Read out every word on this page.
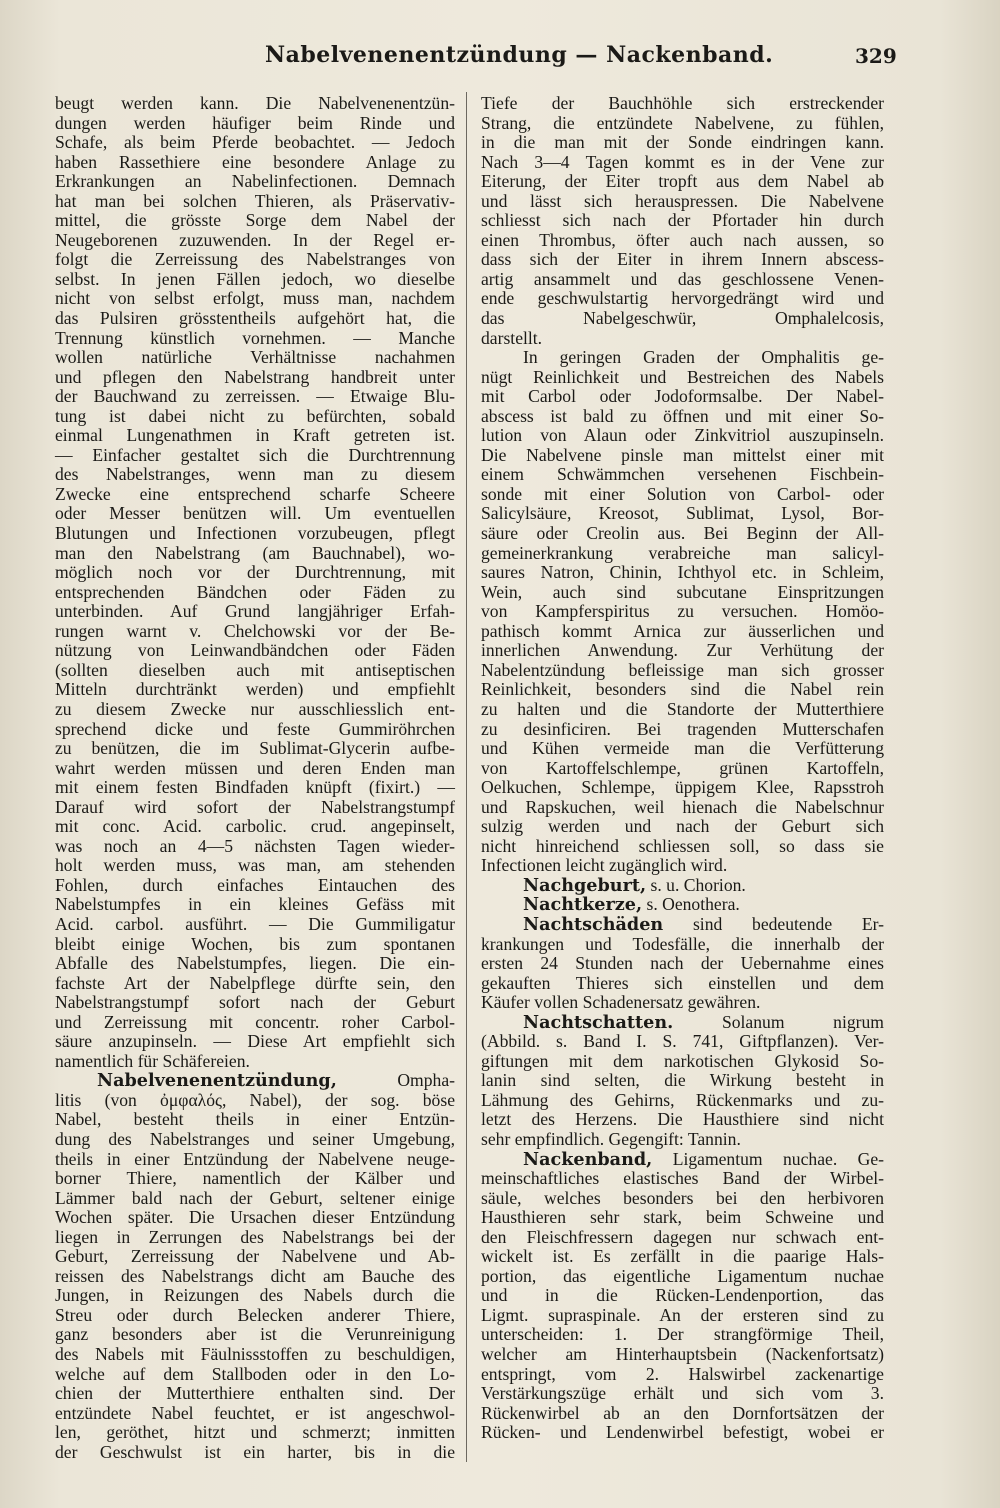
Nabelvenenentzündung — Nackenband.	329
beugt werden kann. Die Nabelvenenentzün-
dungen werden häufiger beim Rinde und
Schafe, als beim Pferde beobachtet. — Jedoch
haben Rassethiere eine besondere Anlage zu
Erkrankungen an Nabelinfectionen. Demnach
hat man bei solchen Thieren, als Präservativ-
mittel, die grösste Sorge dem Nabel der
Neugeborenen zuzuwenden. In der Regel er-
folgt die Zerreissung des Nabelstranges von
selbst. In jenen Fällen jedoch, wo dieselbe
nicht von selbst erfolgt, muss man, nachdem
das Pulsiren grösstentheils aufgehört hat, die
Trennung künstlich vornehmen. — Manche
wollen natürliche Verhältnisse nachahmen
und pflegen den Nabelstrang handbreit unter
der Bauchwand zu zerreissen. — Etwaige Blu-
tung ist dabei nicht zu befürchten, sobald
einmal Lungenathmen in Kraft getreten ist.
— Einfacher gestaltet sich die Durchtrennung
des Nabelstranges, wenn man zu diesem
Zwecke eine entsprechend scharfe Scheere
oder Messer benützen will. Um eventuellen
Blutungen und Infectionen vorzubeugen, pflegt
man den Nabelstrang (am Bauchnabel), wo-
möglich noch vor der Durchtrennung, mit
entsprechenden Bändchen oder Fäden zu
unterbinden. Auf Grund langjähriger Erfah-
rungen warnt v. Chelchowski vor der Be-
nützung von Leinwandbändchen oder Fäden
(sollten dieselben auch mit antiseptischen
Mitteln durchtränkt werden) und empfiehlt
zu diesem Zwecke nur ausschliesslich ent-
sprechend dicke und feste Gummiröhrchen
zu benützen, die im Sublimat-Glycerin aufbe-
wahrt werden müssen und deren Enden man
mit einem festen Bindfaden knüpft (fixirt.) —
Darauf wird sofort der Nabelstrangstumpf
mit conc. Acid. carbolic. crud. angepinselt,
was noch an 4—5 nächsten Tagen wieder-
holt werden muss, was man, am stehenden
Fohlen, durch einfaches Eintauchen des
Nabelstumpfes in ein kleines Gefäss mit
Acid. carbol. ausführt. — Die Gummiligatur
bleibt einige Wochen, bis zum spontanen
Abfalle des Nabelstumpfes, liegen. Die ein-
fachste Art der Nabelpflege dürfte sein, den
Nabelstrangstumpf sofort nach der Geburt
und Zerreissung mit concentr. roher Carbol-
säure anzupinseln. — Diese Art empfiehlt sich
namentlich für Schäfereien.
Nabelvenenentzündung, Ompha-
litis (von ὀμφαλός, Nabel), der sog. böse
Nabel, besteht theils in einer Entzün-
dung des Nabelstranges und seiner Umgebung,
theils in einer Entzündung der Nabelvene neuge-
borner Thiere, namentlich der Kälber und
Lämmer bald nach der Geburt, seltener einige
Wochen später. Die Ursachen dieser Entzündung
liegen in Zerrungen des Nabelstrangs bei der
Geburt, Zerreissung der Nabelvene und Ab-
reissen des Nabelstrangs dicht am Bauche des
Jungen, in Reizungen des Nabels durch die
Streu oder durch Belecken anderer Thiere,
ganz besonders aber ist die Verunreinigung
des Nabels mit Fäulnissstoffen zu beschuldigen,
welche auf dem Stallboden oder in den Lo-
chien der Mutterthiere enthalten sind. Der
entzündete Nabel feuchtet, er ist angeschwol-
len, geröthet, hitzt und schmerzt; inmitten
der Geschwulst ist ein harter, bis in die
Tiefe der Bauchhöhle sich erstreckender
Strang, die entzündete Nabelvene, zu fühlen,
in die man mit der Sonde eindringen kann.
Nach 3—4 Tagen kommt es in der Vene zur
Eiterung, der Eiter tropft aus dem Nabel ab
und lässt sich herauspressen. Die Nabelvene
schliesst sich nach der Pfortader hin durch
einen Thrombus, öfter auch nach aussen, so
dass sich der Eiter in ihrem Innern abscess-
artig ansammelt und das geschlossene Venen-
ende geschwulstartig hervorgedrängt wird und
das Nabelgeschwür, Omphalelcosis,
darstellt.
In geringen Graden der Omphalitis ge-
nügt Reinlichkeit und Bestreichen des Nabels
mit Carbol oder Jodoformsalbe. Der Nabel-
abscess ist bald zu öffnen und mit einer So-
lution von Alaun oder Zinkvitriol auszupinseln.
Die Nabelvene pinsle man mittelst einer mit
einem Schwämmchen versehenen Fischbein-
sonde mit einer Solution von Carbol- oder
Salicylsäure, Kreosot, Sublimat, Lysol, Bor-
säure oder Creolin aus. Bei Beginn der All-
gemeinerkrankung verabreiche man salicyl-
saures Natron, Chinin, Ichthyol etc. in Schleim,
Wein, auch sind subcutane Einspritzungen
von Kampferspiritus zu versuchen. Homöo-
pathisch kommt Arnica zur äusserlichen und
innerlichen Anwendung. Zur Verhütung der
Nabelentzündung befleissige man sich grosser
Reinlichkeit, besonders sind die Nabel rein
zu halten und die Standorte der Mutterthiere
zu desinficiren. Bei tragenden Mutterschafen
und Kühen vermeide man die Verfütterung
von Kartoffelschlempe, grünen Kartoffeln,
Oelkuchen, Schlempe, üppigem Klee, Rapsstroh
und Rapskuchen, weil hienach die Nabelschnur
sulzig werden und nach der Geburt sich
nicht hinreichend schliessen soll, so dass sie
Infectionen leicht zugänglich wird.
Nachgeburt, s. u. Chorion.
Nachtkerze, s. Oenothera.
Nachtschäden sind bedeutende Er-
krankungen und Todesfälle, die innerhalb der
ersten 24 Stunden nach der Uebernahme eines
gekauften Thieres sich einstellen und dem
Käufer vollen Schadenersatz gewähren.
Nachtschatten. Solanum nigrum
(Abbild. s. Band I. S. 741, Giftpflanzen). Ver-
giftungen mit dem narkotischen Glykosid So-
lanin sind selten, die Wirkung besteht in
Lähmung des Gehirns, Rückenmarks und zu-
letzt des Herzens. Die Hausthiere sind nicht
sehr empfindlich. Gegengift: Tannin.
Nackenband, Ligamentum nuchae. Ge-
meinschaftliches elastisches Band der Wirbel-
säule, welches besonders bei den herbivoren
Hausthieren sehr stark, beim Schweine und
den Fleischfressern dagegen nur schwach ent-
wickelt ist. Es zerfällt in die paarige Hals-
portion, das eigentliche Ligamentum nuchae
und in die Rücken-Lendenportion, das
Ligmt. supraspinale. An der ersteren sind zu
unterscheiden: 1. Der strangförmige Theil,
welcher am Hinterhauptsbein (Nackenfortsatz)
entspringt, vom 2. Halswirbel zackenartige
Verstärkungszüge erhält und sich vom 3.
Rückenwirbel ab an den Dornfortsätzen der
Rücken- und Lendenwirbel befestigt, wobei er
